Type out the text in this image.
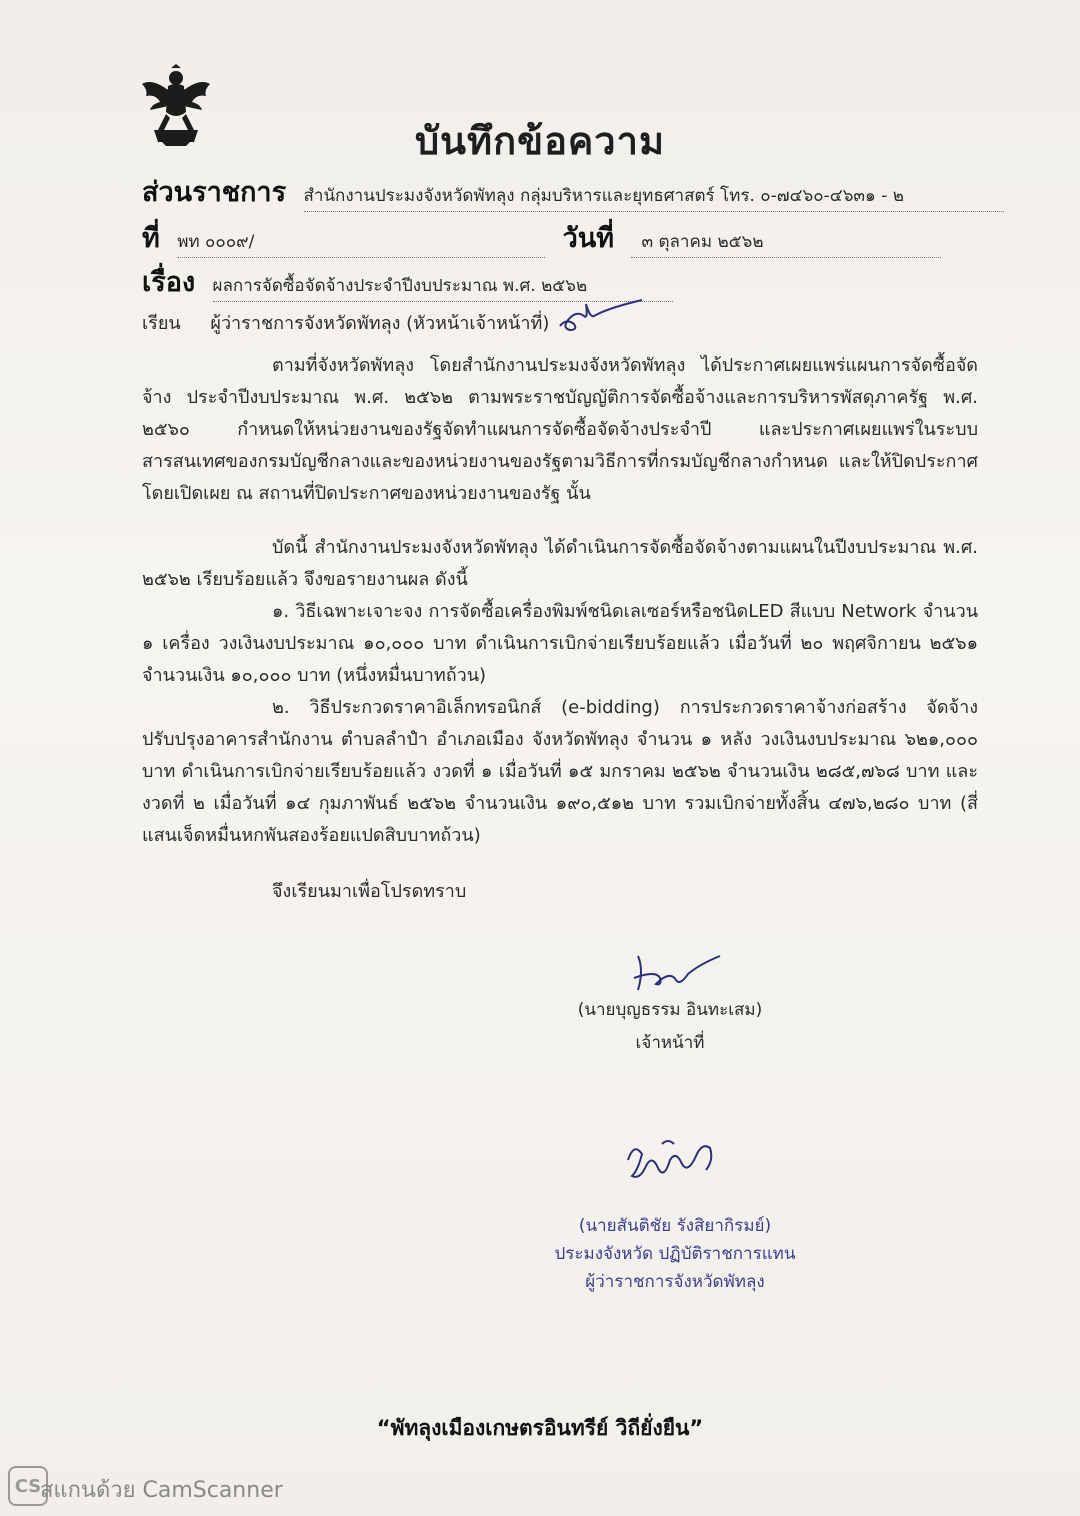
บันทึกข้อความ
ส่วนราชการ สำนักงานประมงจังหวัดพัทลุง กลุ่มบริหารและยุทธศาสตร์ โทร. ๐-๗๔๖๐-๔๖๓๑ - ๒
ที่ พท ๐๐๐๙/	วันที่ ๓ ตุลาคม ๒๕๖๒
เรื่อง ผลการจัดซื้อจัดจ้างประจำปีงบประมาณ พ.ศ. ๒๕๖๒
เรียน ผู้ว่าราชการจังหวัดพัทลุง (หัวหน้าเจ้าหน้าที่)
ตามที่จังหวัดพัทลุง โดยสำนักงานประมงจังหวัดพัทลุง ได้ประกาศเผยแพร่แผนการจัดซื้อจัดจ้าง ประจำปีงบประมาณ พ.ศ. ๒๕๖๒ ตามพระราชบัญญัติการจัดซื้อจ้างและการบริหารพัสดุภาครัฐ พ.ศ. ๒๕๖๐ กำหนดให้หน่วยงานของรัฐจัดทำแผนการจัดซื้อจัดจ้างประจำปี และประกาศเผยแพร่ในระบบสารสนเทศของกรมบัญชีกลางและของหน่วยงานของรัฐตามวิธีการที่กรมบัญชีกลางกำหนด และให้ปิดประกาศโดยเปิดเผย ณ สถานที่ปิดประกาศของหน่วยงานของรัฐ นั้น
บัดนี้ สำนักงานประมงจังหวัดพัทลุง ได้ดำเนินการจัดซื้อจัดจ้างตามแผนในปีงบประมาณ พ.ศ. ๒๕๖๒ เรียบร้อยแล้ว จึงขอรายงานผล ดังนี้
๑. วิธีเฉพาะเจาะจง การจัดซื้อเครื่องพิมพ์ชนิดเลเซอร์หรือชนิดLED สีแบบ Network จำนวน ๑ เครื่อง วงเงินงบประมาณ ๑๐,๐๐๐ บาท ดำเนินการเบิกจ่ายเรียบร้อยแล้ว เมื่อวันที่ ๒๐ พฤศจิกายน ๒๕๖๑ จำนวนเงิน ๑๐,๐๐๐ บาท (หนึ่งหมื่นบาทถ้วน)
๒. วิธีประกวดราคาอิเล็กทรอนิกส์ (e-bidding) การประกวดราคาจ้างก่อสร้าง จัดจ้างปรับปรุงอาคารสำนักงาน ตำบลลำปำ อำเภอเมือง จังหวัดพัทลุง จำนวน ๑ หลัง วงเงินงบประมาณ ๖๒๑,๐๐๐ บาท ดำเนินการเบิกจ่ายเรียบร้อยแล้ว งวดที่ ๑ เมื่อวันที่ ๑๕ มกราคม ๒๕๖๒ จำนวนเงิน ๒๘๕,๗๖๘ บาท และงวดที่ ๒ เมื่อวันที่ ๑๔ กุมภาพันธ์ ๒๕๖๒ จำนวนเงิน ๑๙๐,๕๑๒ บาท รวมเบิกจ่ายทั้งสิ้น ๔๗๖,๒๘๐ บาท (สี่แสนเจ็ดหมื่นหกพันสองร้อยแปดสิบบาทถ้วน)
จึงเรียนมาเพื่อโปรดทราบ
(นายบุญธรรม อินทะเสม)
เจ้าหน้าที่
(นายสันติชัย รังสิยากิรมย์)
ประมงจังหวัด ปฏิบัติราชการแทน
ผู้ว่าราชการจังหวัดพัทลุง
“พัทลุงเมืองเกษตรอินทรีย์ วิถียั่งยืน”
CS
สแกนด้วย CamScanner
